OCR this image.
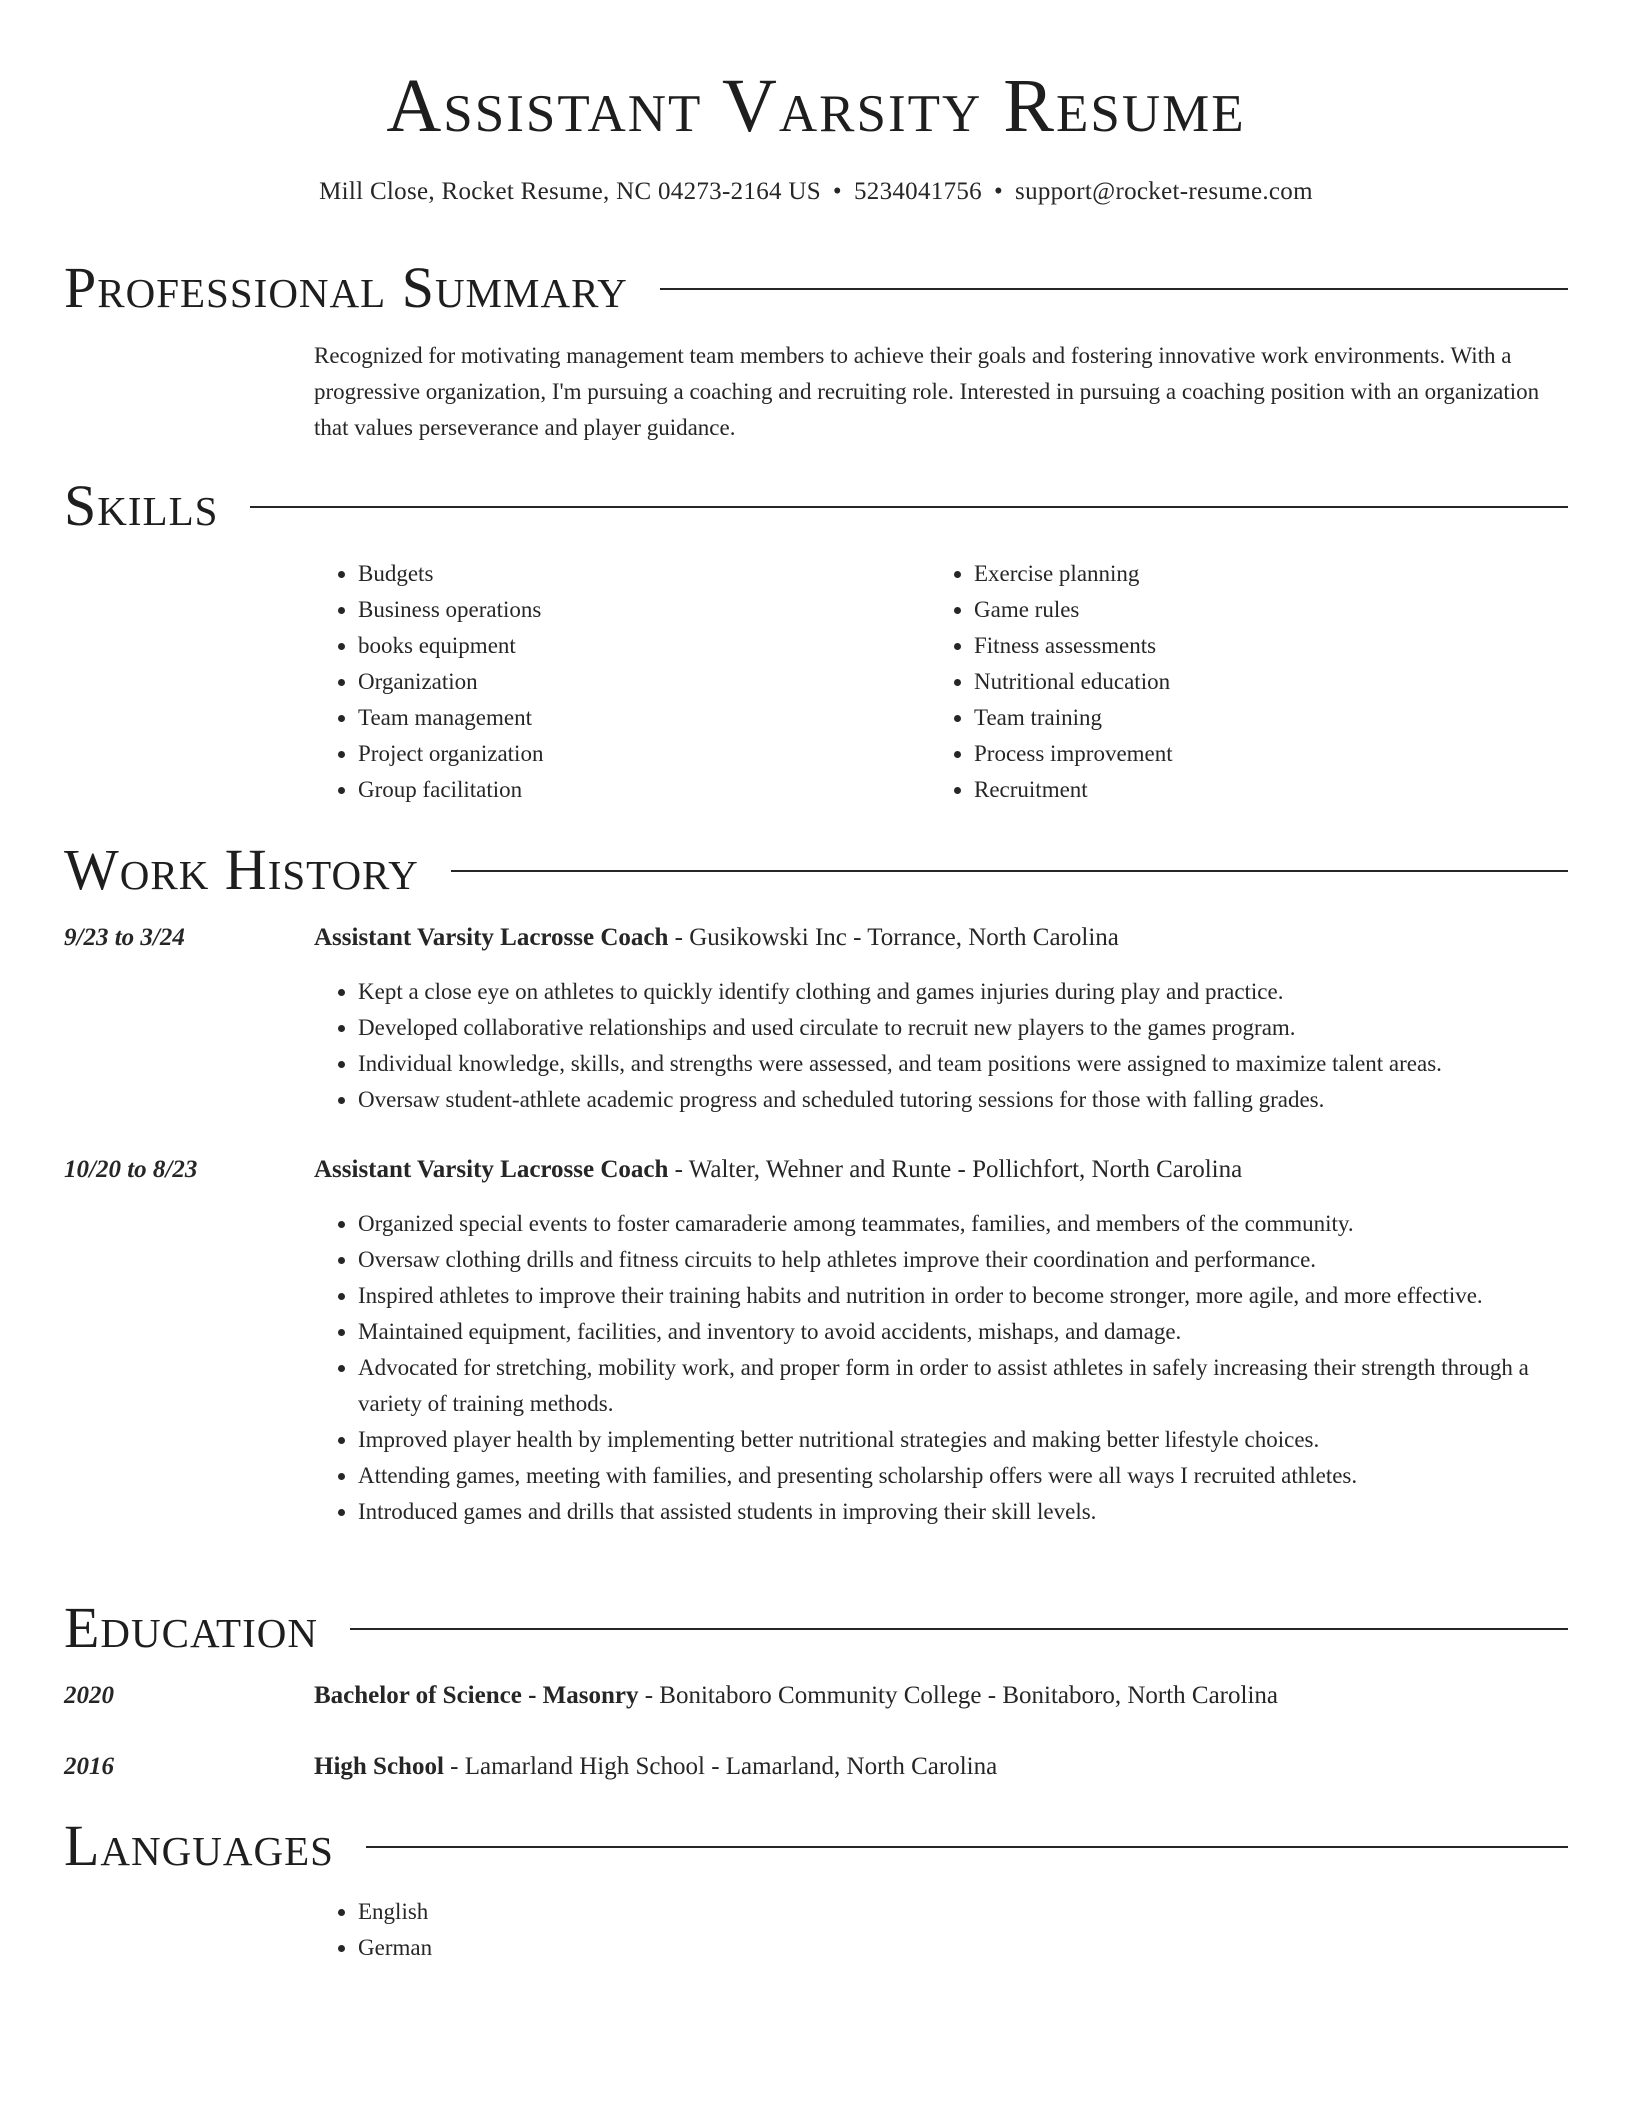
Assistant Varsity Resume
Mill Close, Rocket Resume, NC 04273-2164 US • 5234041756 • support@rocket-resume.com
Professional Summary

Recognized for motivating management team members to achieve their goals and fostering innovative work environments. With a progressive organization, I'm pursuing a coaching and recruiting role. Interested in pursuing a coaching position with an organization that values perseverance and player guidance.

Skills
• Budgets
• Business operations
• books equipment
• Organization
• Team management
• Project organization
• Group facilitation
• Exercise planning
• Game rules
• Fitness assessments
• Nutritional education
• Team training
• Process improvement
• Recruitment
Work History
9/23 to 3/24	Assistant Varsity Lacrosse Coach - Gusikowski Inc - Torrance, North Carolina
• Kept a close eye on athletes to quickly identify clothing and games injuries during play and practice.
• Developed collaborative relationships and used circulate to recruit new players to the games program.
• Individual knowledge, skills, and strengths were assessed, and team positions were assigned to maximize talent areas.
• Oversaw student-athlete academic progress and scheduled tutoring sessions for those with falling grades.
10/20 to 8/23	Assistant Varsity Lacrosse Coach - Walter, Wehner and Runte - Pollichfort, North Carolina
• Organized special events to foster camaraderie among teammates, families, and members of the community.
• Oversaw clothing drills and fitness circuits to help athletes improve their coordination and performance.
• Inspired athletes to improve their training habits and nutrition in order to become stronger, more agile, and more effective.
• Maintained equipment, facilities, and inventory to avoid accidents, mishaps, and damage.
• Advocated for stretching, mobility work, and proper form in order to assist athletes in safely increasing their strength through a variety of training methods.
• Improved player health by implementing better nutritional strategies and making better lifestyle choices.
• Attending games, meeting with families, and presenting scholarship offers were all ways I recruited athletes.
• Introduced games and drills that assisted students in improving their skill levels.
Education
2020	Bachelor of Science - Masonry - Bonitaboro Community College - Bonitaboro, North Carolina
2016	High School - Lamarland High School - Lamarland, North Carolina
Languages
• English
• German
